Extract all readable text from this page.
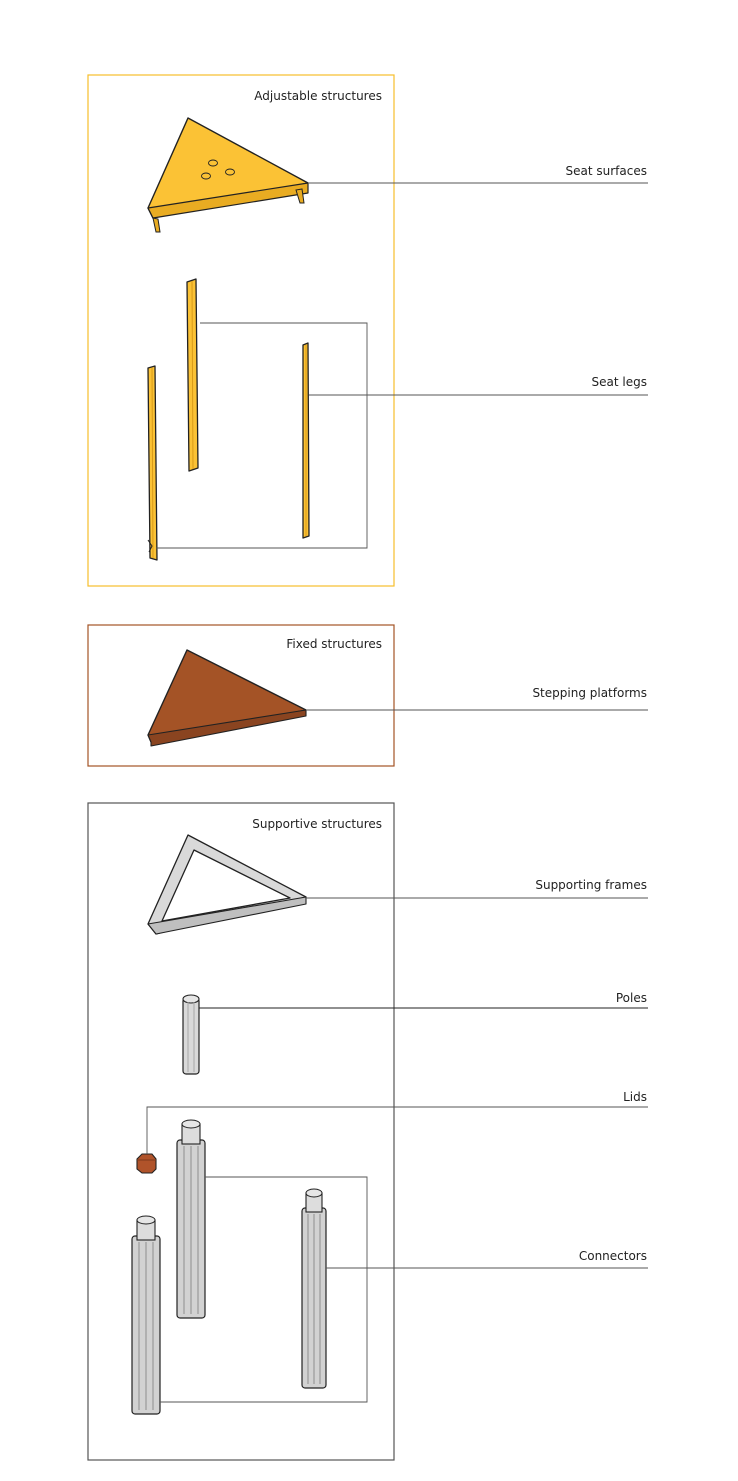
Adjustable structures
Seat surfaces
Seat legs
Fixed structures
Stepping platforms
Supportive structures
Supporting frames
Poles
Lids
Connectors
